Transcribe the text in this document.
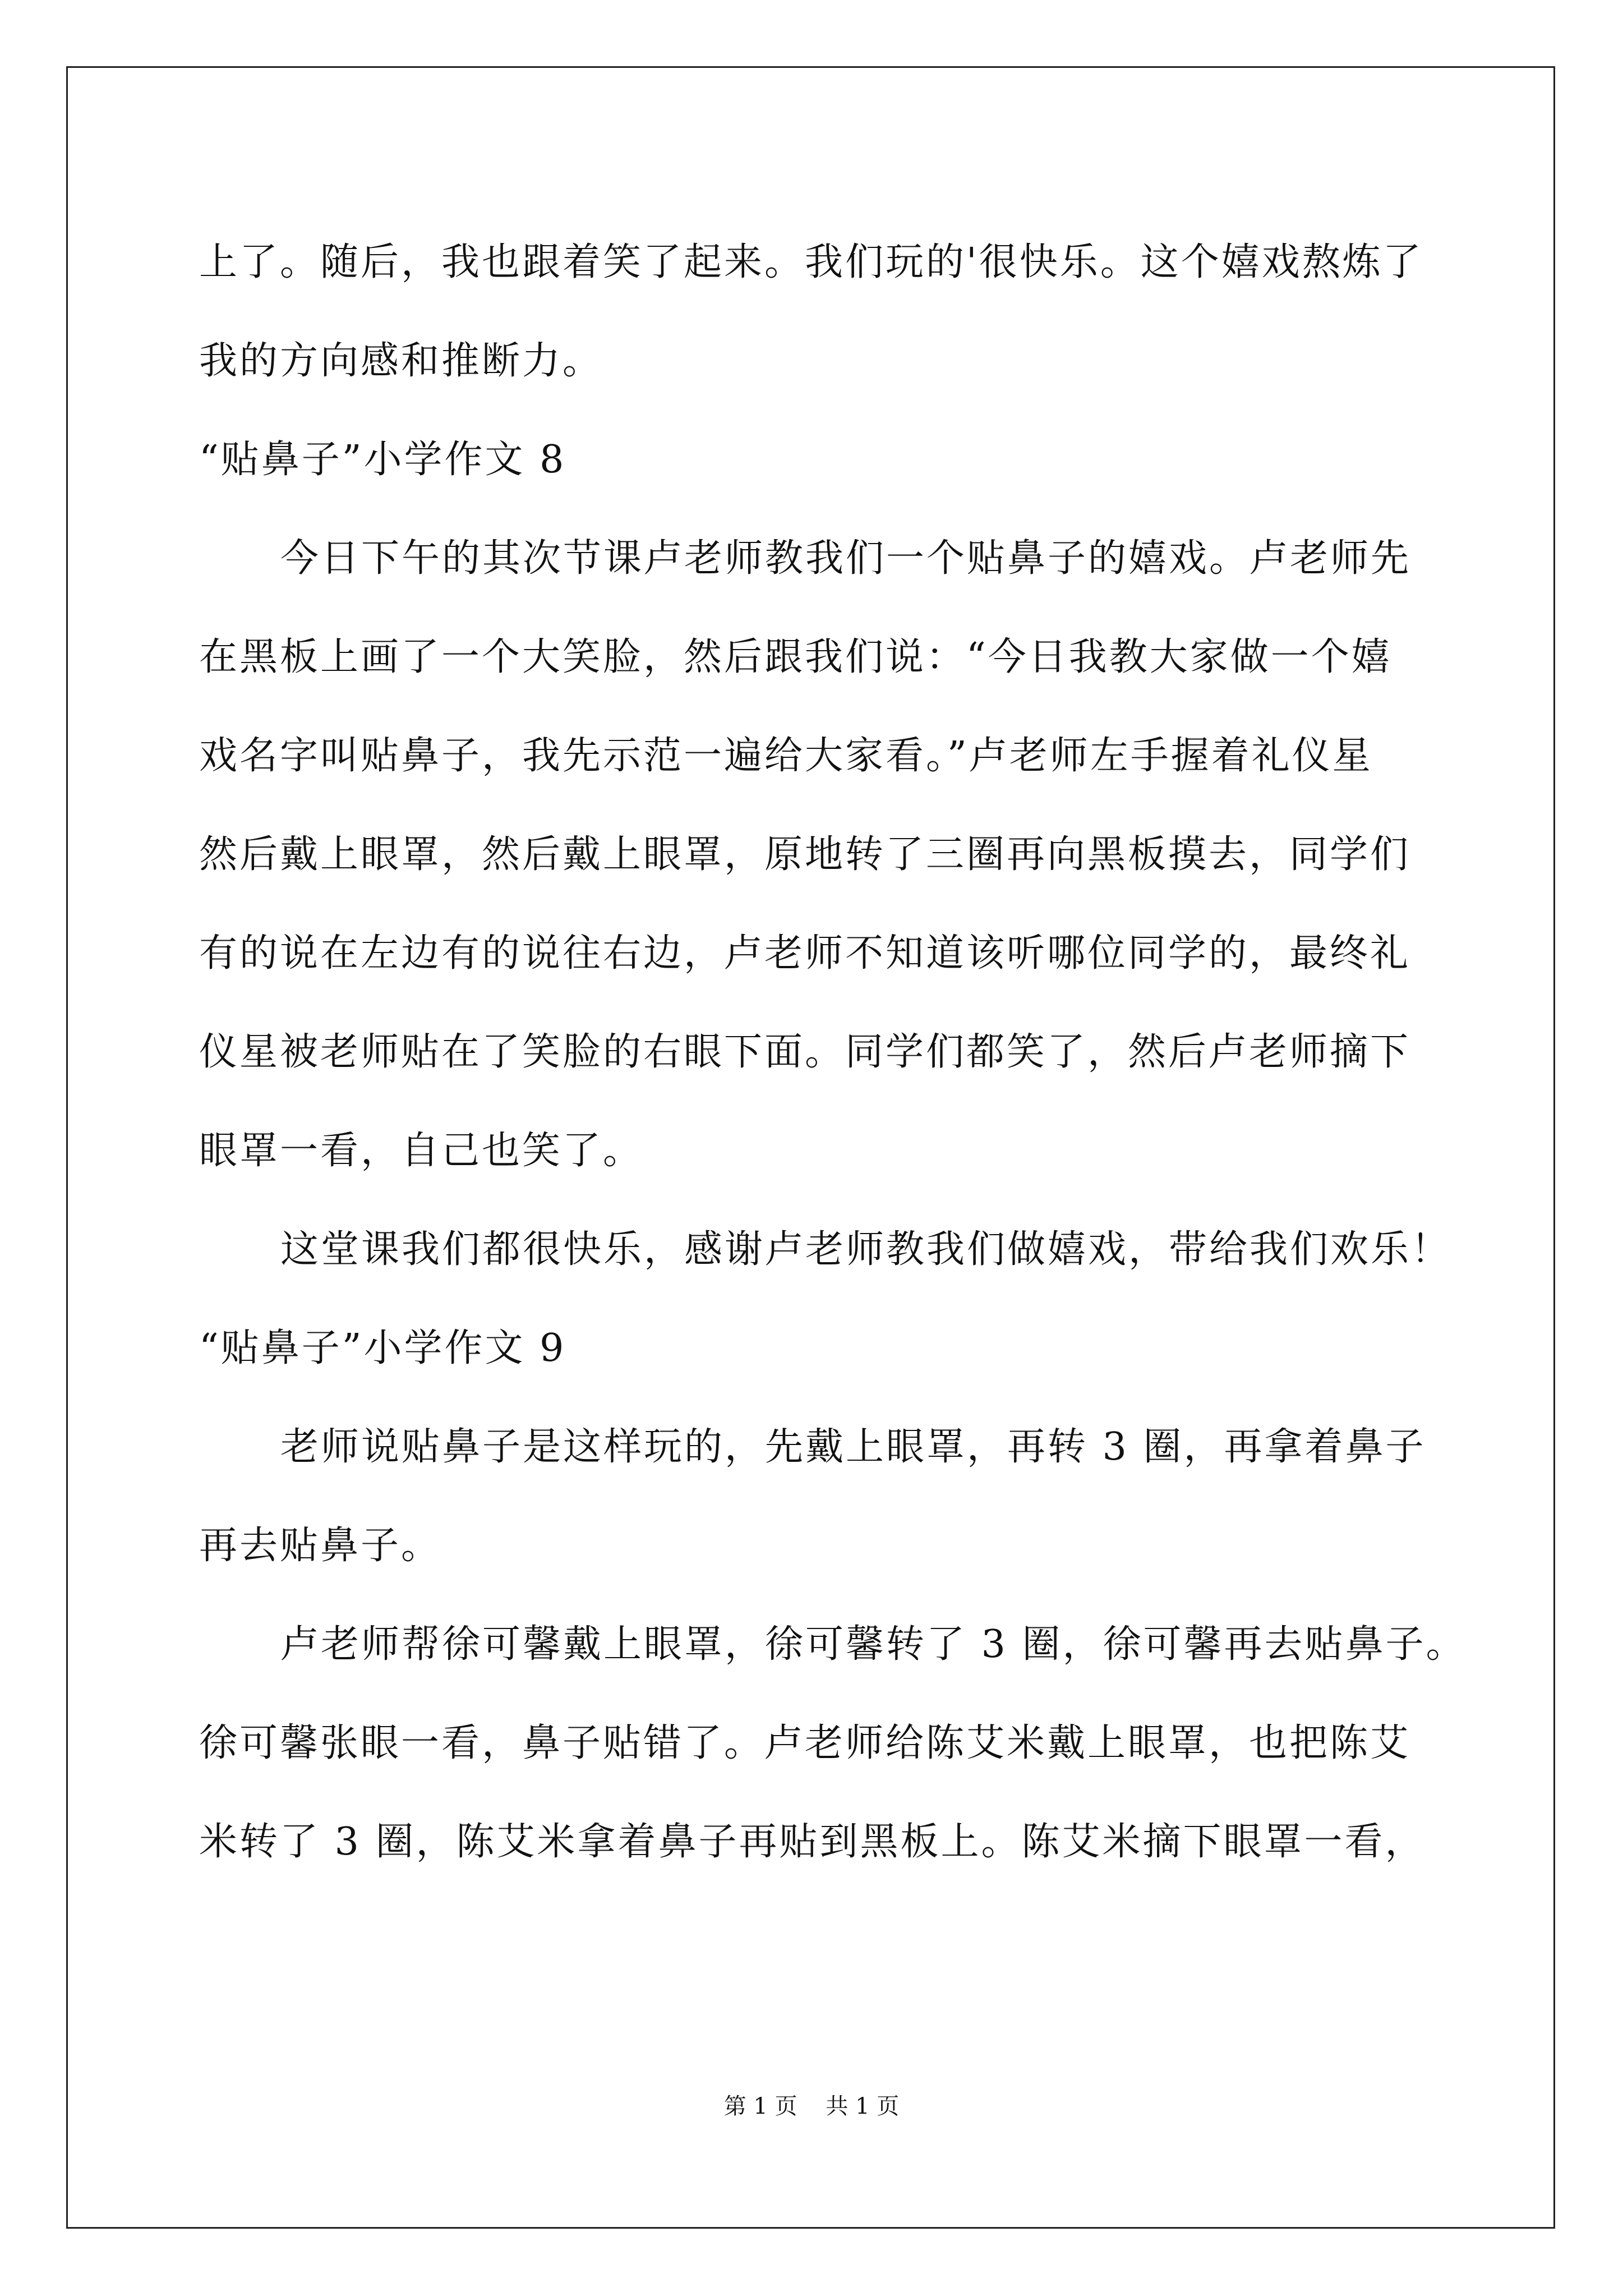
上了。随后，我也跟着笑了起来。我们玩的'很快乐。这个嬉戏熬炼了
我的方向感和推断力。
“贴鼻子”小学作文 8
今日下午的其次节课卢老师教我们一个贴鼻子的嬉戏。卢老师先
在黑板上画了一个大笑脸，然后跟我们说：“今日我教大家做一个嬉
戏名字叫贴鼻子，我先示范一遍给大家看。”卢老师左手握着礼仪星
然后戴上眼罩，然后戴上眼罩，原地转了三圈再向黑板摸去，同学们
有的说在左边有的说往右边，卢老师不知道该听哪位同学的，最终礼
仪星被老师贴在了笑脸的右眼下面。同学们都笑了，然后卢老师摘下
眼罩一看，自己也笑了。
这堂课我们都很快乐，感谢卢老师教我们做嬉戏，带给我们欢乐！
“贴鼻子”小学作文 9
老师说贴鼻子是这样玩的，先戴上眼罩，再转 3 圈，再拿着鼻子
再去贴鼻子。
卢老师帮徐可馨戴上眼罩，徐可馨转了 3 圈，徐可馨再去贴鼻子。
徐可馨张眼一看，鼻子贴错了。卢老师给陈艾米戴上眼罩，也把陈艾
米转了 3 圈，陈艾米拿着鼻子再贴到黑板上。陈艾米摘下眼罩一看，
第 1 页    共 1 页
